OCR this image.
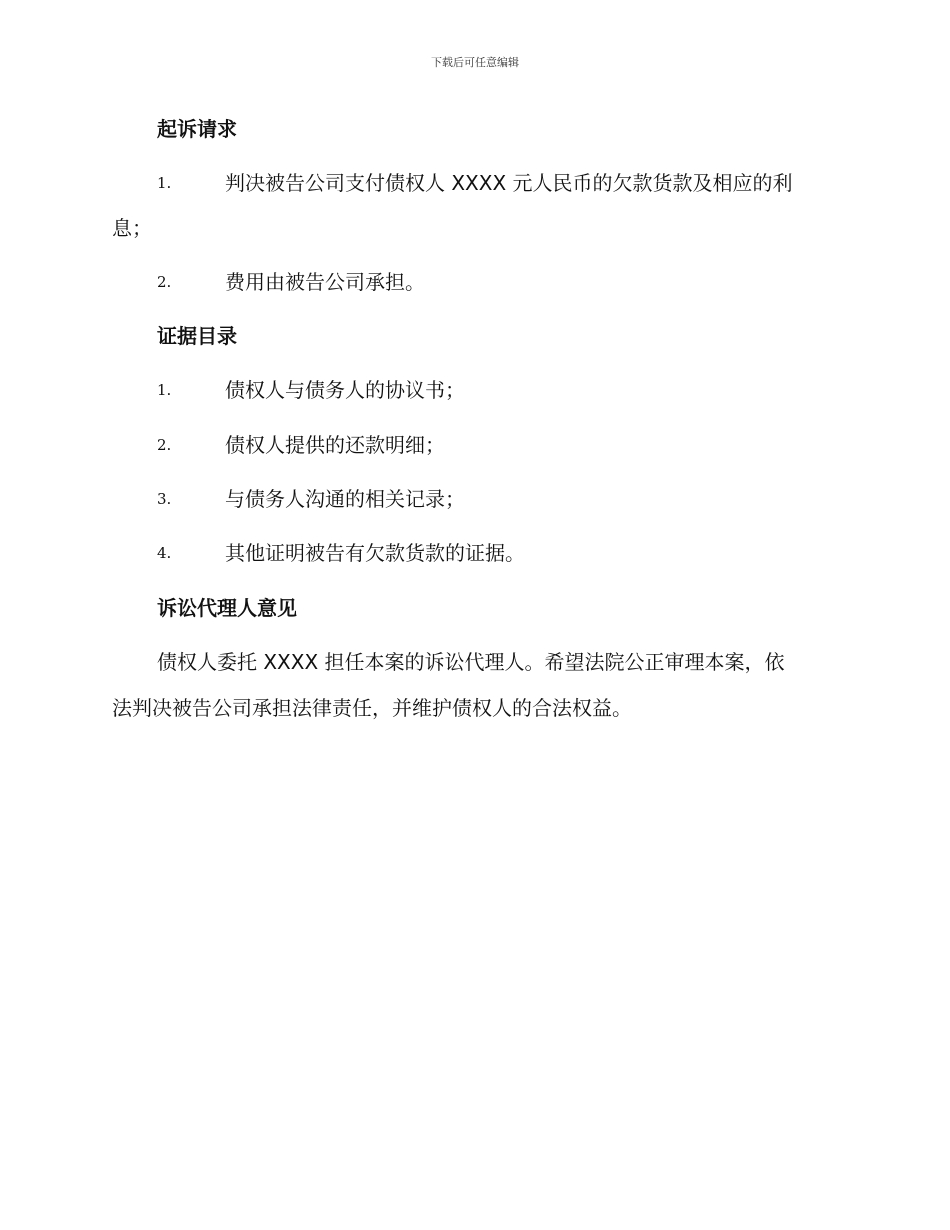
下载后可任意编辑
起诉请求
1.	判决被告公司支付债权人 XXXX 元人民币的欠款货款及相应的利
息；
2.	费用由被告公司承担。
证据目录
1.	债权人与债务人的协议书；
2.	债权人提供的还款明细；
3.	与债务人沟通的相关记录；
4.	其他证明被告有欠款货款的证据。
诉讼代理人意见
债权人委托 XXXX 担任本案的诉讼代理人。希望法院公正审理本案，依
法判决被告公司承担法律责任，并维护债权人的合法权益。
